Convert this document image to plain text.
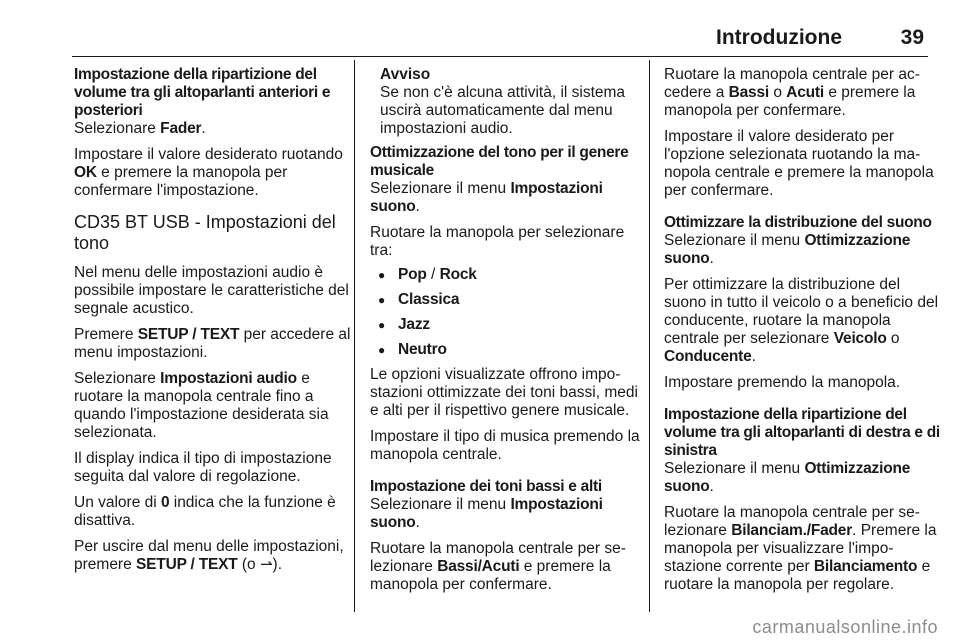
Introduzione	39

Impostazione della ripartizione del volume tra gli altoparlanti anteriori e posteriori

Selezionare Fader.

Impostare il valore desiderato ruotando OK e premere la manopola per confermare l'impostazione.

CD35 BT USB - Impostazioni del tono

Nel menu delle impostazioni audio è possibile impostare le caratteristiche del segnale acustico.

Premere SETUP / TEXT per accedere al menu impostazioni.

Selezionare Impostazioni audio e ruotare la manopola centrale fino a quando l'impostazione desiderata sia selezionata.

Il display indica il tipo di impostazione seguita dal valore di regolazione.

Un valore di 0 indica che la funzione è disattiva.

Per uscire dal menu delle impostazioni, premere SETUP / TEXT (o ⇀).

Avviso
Se non c'è alcuna attività, il sistema uscirà automaticamente dal menu impostazioni audio.

Ottimizzazione del tono per il genere musicale

Selezionare il menu Impostazioni suono.

Ruotare la manopola per selezionare tra:

● Pop / Rock
● Classica
● Jazz
● Neutro

Le opzioni visualizzate offrono impostazioni ottimizzate dei toni bassi, medi e alti per il rispettivo genere musicale.

Impostare il tipo di musica premendo la manopola centrale.

Impostazione dei toni bassi e alti

Selezionare il menu Impostazioni suono.

Ruotare la manopola centrale per selezionare Bassi/Acuti e premere la manopola per confermare.

Ruotare la manopola centrale per accedere a Bassi o Acuti e premere la manopola per confermare.

Impostare il valore desiderato per l'opzione selezionata ruotando la manopola centrale e premere la manopola per confermare.

Ottimizzare la distribuzione del suono

Selezionare il menu Ottimizzazione suono.

Per ottimizzare la distribuzione del suono in tutto il veicolo o a beneficio del conducente, ruotare la manopola centrale per selezionare Veicolo o Conducente.

Impostare premendo la manopola.

Impostazione della ripartizione del volume tra gli altoparlanti di destra e di sinistra

Selezionare il menu Ottimizzazione suono.

Ruotare la manopola centrale per selezionare Bilanciam./Fader. Premere la manopola per visualizzare l'impostazione corrente per Bilanciamento e ruotare la manopola per regolare.

carmanualsonline.info
